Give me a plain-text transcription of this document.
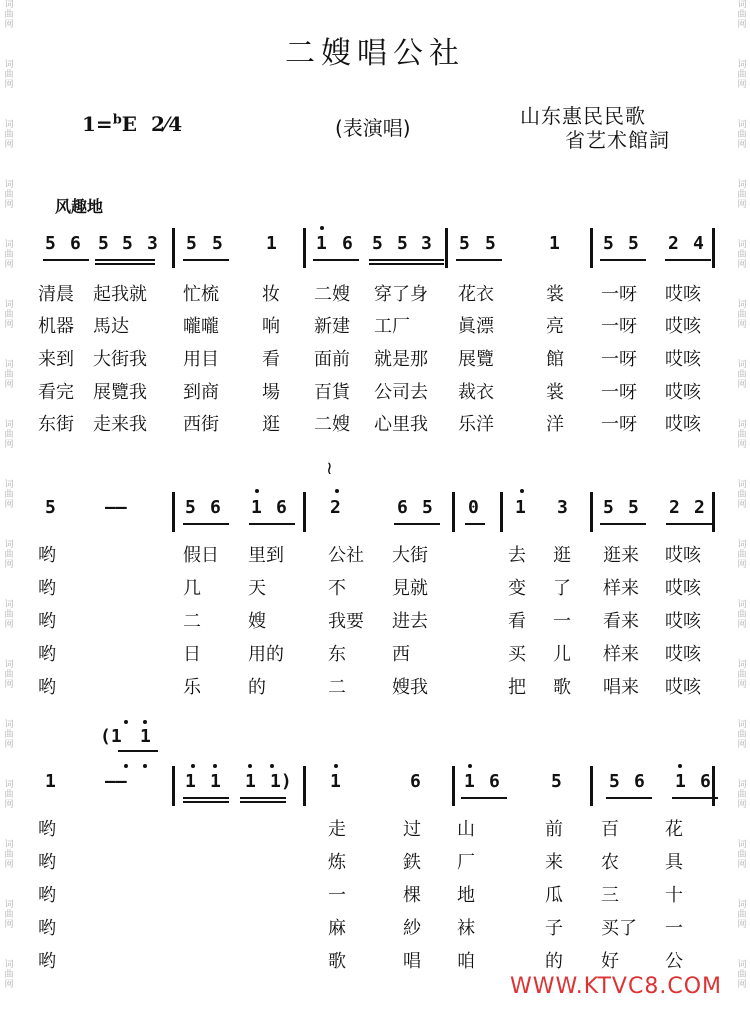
二嫂唱公社
1=$^b$E 2⁄4	(表演唱)	山东惠民民歌
省艺术館詞
风趣地
词
曲
网
词
曲
网
词
曲
网
词
曲
网
词
曲
网
词
曲
网
词
曲
网
词
曲
网
词
曲
网
词
曲
网
词
曲
网
词
曲
网
词
曲
网
词
曲
网
词
曲
网
词
曲
网
词
曲
网
词
曲
网
词
曲
网
词
曲
网
词
曲
网
词
曲
网
词
曲
网
词
曲
网
词
曲
网
词
曲
网
词
曲
网
词
曲
网
词
曲
网
词
曲
网
词
曲
网
词
曲
网
词
曲
网
词
曲
网
5 6 5 5 3 5 5 1 1 6 5 5 3 5 5	1 5 5 2 4
5	——	5 6 1 6 2	6 5 0 1 3 5 5 2 2
≀
1	——
(1 1
1 1 1 1) 1	6 1 6	5	5 6 1 6
清晨 起我就 忙梳 妆 二嫂 穿了身 花衣	裳 一呀 哎咳
机器 馬达	嚨嚨 响 新建 工厂	眞漂	亮 一呀 哎咳
来到 大街我 用目 看 面前 就是那 展覽	館 一呀 哎咳
看完 展覽我 到商 場 百貨 公司去 裁衣	裳 一呀 哎咳
东街 走来我 西街 逛 二嫂 心里我 乐洋	洋 一呀 哎咳
哟	假日 里到 公社 大街	去 逛 逛来 哎咳
哟	几	天	不	見就	变 了 样来 哎咳
哟	二	嫂	我要 进去	看 一 看来 哎咳
哟	日	用的 东	西	买 儿 样来 哎咳
哟	乐	的	二	嫂我	把 歌 唱来 哎咳
哟	走	过 山	前 百	花
哟	炼	鉄 厂	来 农	具
哟	一	棵 地	瓜 三	十
哟	麻	紗 袜	子 买了 一
哟	歌	唱 咱	的 好	公
WWW.KTVC8.COM
